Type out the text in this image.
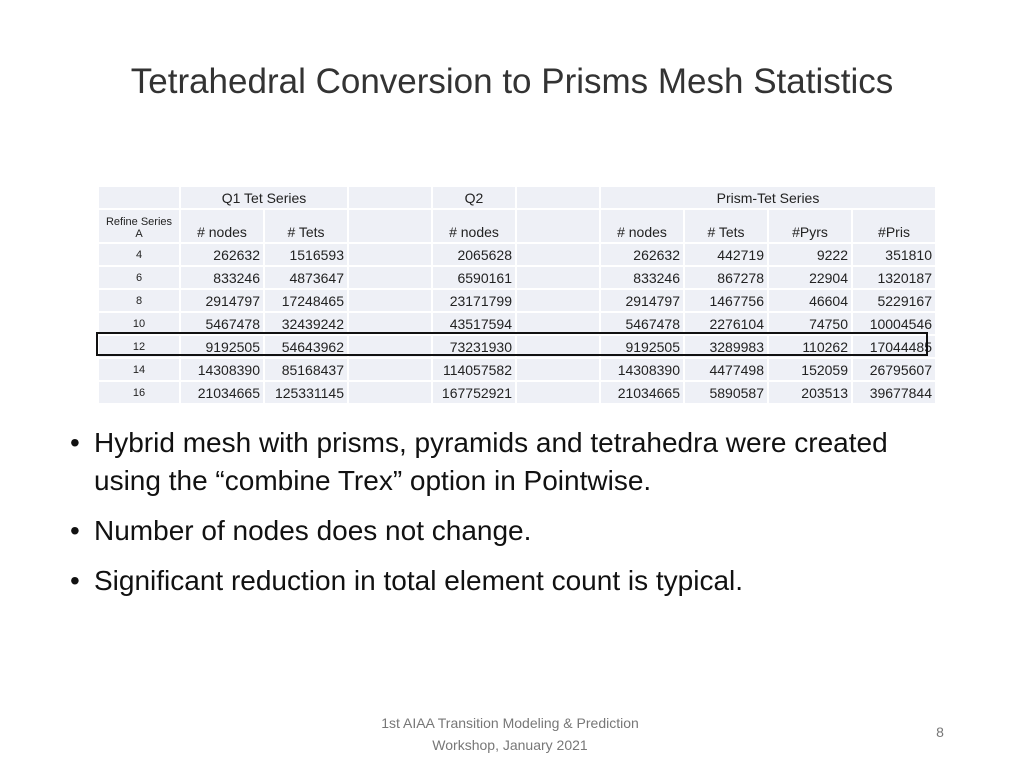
Tetrahedral Conversion to Prisms Mesh Statistics
	Q1 Tet Series			Q2		Prism-Tet Series			

Refine Series
A	# nodes	# Tets		# nodes		# nodes	# Tets	#Pyrs	#Pris
4	262632	1516593		2065628		262632	442719	9222	351810
6	833246	4873647		6590161		833246	867278	22904	1320187
8	2914797	17248465		23171799		2914797	1467756	46604	5229167
10	5467478	32439242		43517594		5467478	2276104	74750	10004546
12	9192505	54643962		73231930		9192505	3289983	110262	17044485
14	14308390	85168437		114057582		14308390	4477498	152059	26795607
16	21034665	125331145		167752921		21034665	5890587	203513	39677844
• Hybrid mesh with prisms, pyramids and tetrahedra were created using the “combine Trex” option in Pointwise.
• Number of nodes does not change.
• Significant reduction in total element count is typical.
1st AIAA Transition Modeling & Prediction
Workshop, January 2021
8
